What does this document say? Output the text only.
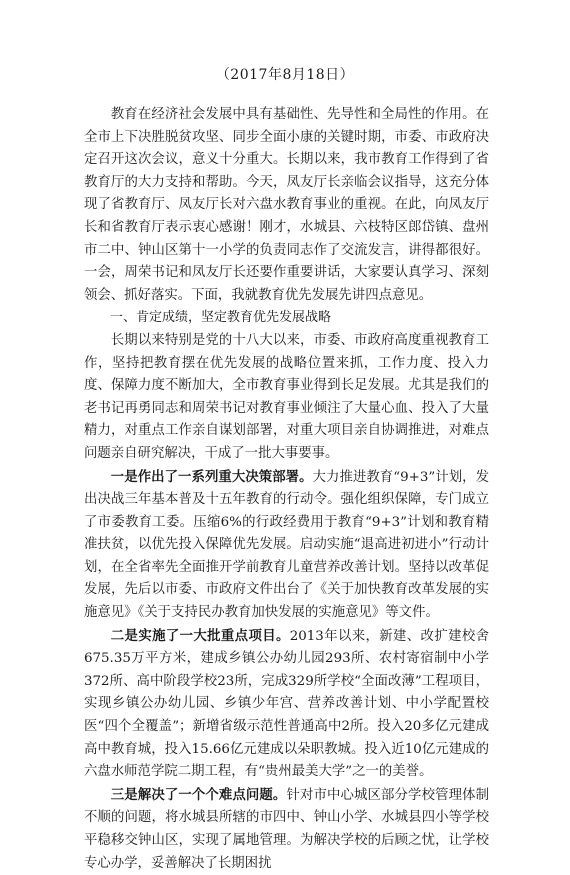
（2017年8月18日）

教育在经济社会发展中具有基础性、先导性和全局性的作用。在全市上下决胜脱贫攻坚、同步全面小康的关键时期，市委、市政府决定召开这次会议，意义十分重大。长期以来，我市教育工作得到了省教育厅的大力支持和帮助。今天，凤友厅长亲临会议指导，这充分体现了省教育厅、凤友厅长对六盘水教育事业的重视。在此，向凤友厅长和省教育厅表示衷心感谢！刚才，水城县、六枝特区郎岱镇、盘州市二中、钟山区第十一小学的负责同志作了交流发言，讲得都很好。一会，周荣书记和凤友厅长还要作重要讲话，大家要认真学习、深刻领会、抓好落实。下面，我就教育优先发展先讲四点意见。

一、肯定成绩，坚定教育优先发展战略

长期以来特别是党的十八大以来，市委、市政府高度重视教育工作，坚持把教育摆在优先发展的战略位置来抓，工作力度、投入力度、保障力度不断加大，全市教育事业得到长足发展。尤其是我们的老书记再勇同志和周荣书记对教育事业倾注了大量心血、投入了大量精力，对重点工作亲自谋划部署，对重大项目亲自协调推进，对难点问题亲自研究解决，干成了一批大事要事。

一是作出了一系列重大决策部署。大力推进教育“9+3”计划，发出决战三年基本普及十五年教育的行动令。强化组织保障，专门成立了市委教育工委。压缩6%的行政经费用于教育“9+3”计划和教育精准扶贫，以优先投入保障优先发展。启动实施“退高进初进小”行动计划，在全省率先全面推开学前教育儿童营养改善计划。坚持以改革促发展，先后以市委、市政府文件出台了《关于加快教育改革发展的实施意见》《关于支持民办教育加快发展的实施意见》等文件。

二是实施了一大批重点项目。2013年以来，新建、改扩建校舍675.35万平方米，建成乡镇公办幼儿园293所、农村寄宿制中小学372所、高中阶段学校23所，完成329所学校“全面改薄”工程项目，实现乡镇公办幼儿园、乡镇少年宫、营养改善计划、中小学配置校医“四个全覆盖”；新增省级示范性普通高中2所。投入20多亿元建成高中教育城，投入15.66亿元建成以朵职教城。投入近10亿元建成的六盘水师范学院二期工程，有“贵州最美大学”之一的美誉。

三是解决了一个个难点问题。针对市中心城区部分学校管理体制不顺的问题，将水城县所辖的市四中、钟山小学、水城县四小等学校平稳移交钟山区，实现了属地管理。为解决学校的后顾之忧，让学校专心办学，妥善解决了长期困扰
